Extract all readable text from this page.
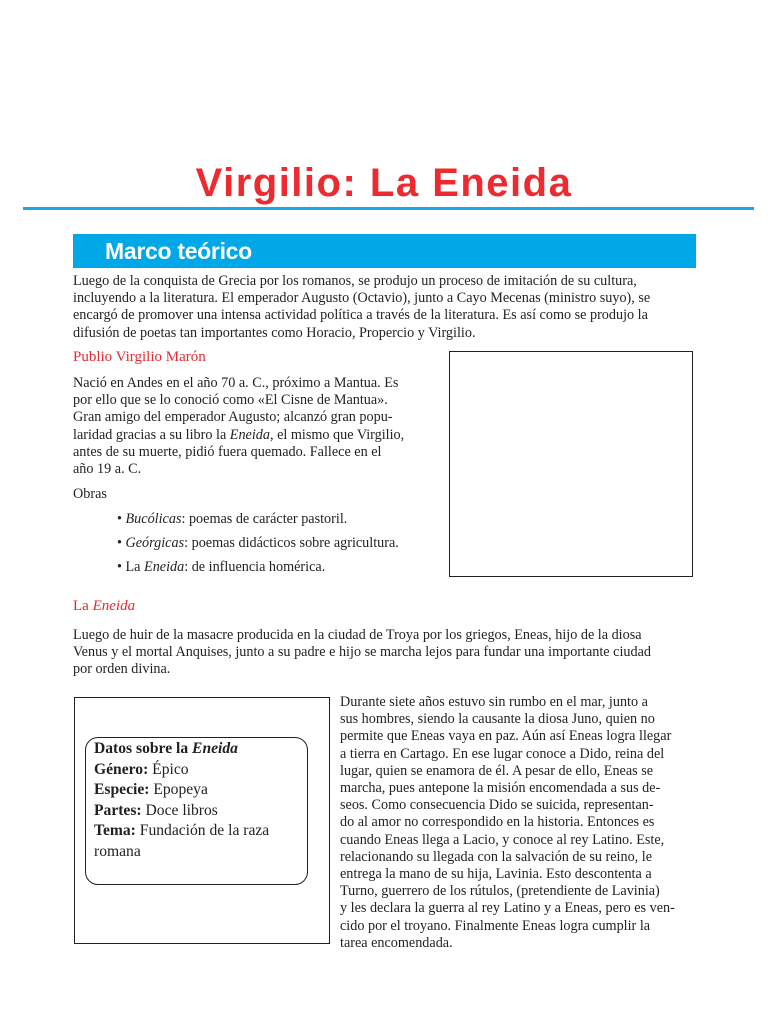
Virgilio: La Eneida
Marco teórico

Luego de la conquista de Grecia por los romanos, se produjo un proceso de imitación de su cultura,
incluyendo a la literatura. El emperador Augusto (Octavio), junto a Cayo Mecenas (ministro suyo), se
encargó de promover una intensa actividad política a través de la literatura. Es así como se produjo la
difusión de poetas tan importantes como Horacio, Propercio y Virgilio.

Publio Virgilio Marón

Nació en Andes en el año 70 a. C., próximo a Mantua. Es
por ello que se lo conoció como «El Cisne de Mantua».
Gran amigo del emperador Augusto; alcanzó gran popu-
laridad gracias a su libro la Eneida, el mismo que Virgilio,
antes de su muerte, pidió fuera quemado. Fallece en el
año 19 a. C.

Obras

• Bucólicas: poemas de carácter pastoril.

• Geórgicas: poemas didácticos sobre agricultura.

• La Eneida: de influencia homérica.

La Eneida

Luego de huir de la masacre producida en la ciudad de Troya por los griegos, Eneas, hijo de la diosa
Venus y el mortal Anquises, junto a su padre e hijo se marcha lejos para fundar una importante ciudad
por orden divina.

Datos sobre la Eneida

Género: Épico

Especie: Epopeya

Partes: Doce libros

Tema: Fundación de la raza
romana

Durante siete años estuvo sin rumbo en el mar, junto a
sus hombres, siendo la causante la diosa Juno, quien no
permite que Eneas vaya en paz. Aún así Eneas logra llegar
a tierra en Cartago. En ese lugar conoce a Dido, reina del
lugar, quien se enamora de él. A pesar de ello, Eneas se
marcha, pues antepone la misión encomendada a sus de-
seos. Como consecuencia Dido se suicida, representan-
do al amor no correspondido en la historia. Entonces es
cuando Eneas llega a Lacio, y conoce al rey Latino. Este,
relacionando su llegada con la salvación de su reino, le
entrega la mano de su hija, Lavinia. Esto descontenta a
Turno, guerrero de los rútulos, (pretendiente de Lavinia)
y les declara la guerra al rey Latino y a Eneas, pero es ven-
cido por el troyano. Finalmente Eneas logra cumplir la
tarea encomendada.
